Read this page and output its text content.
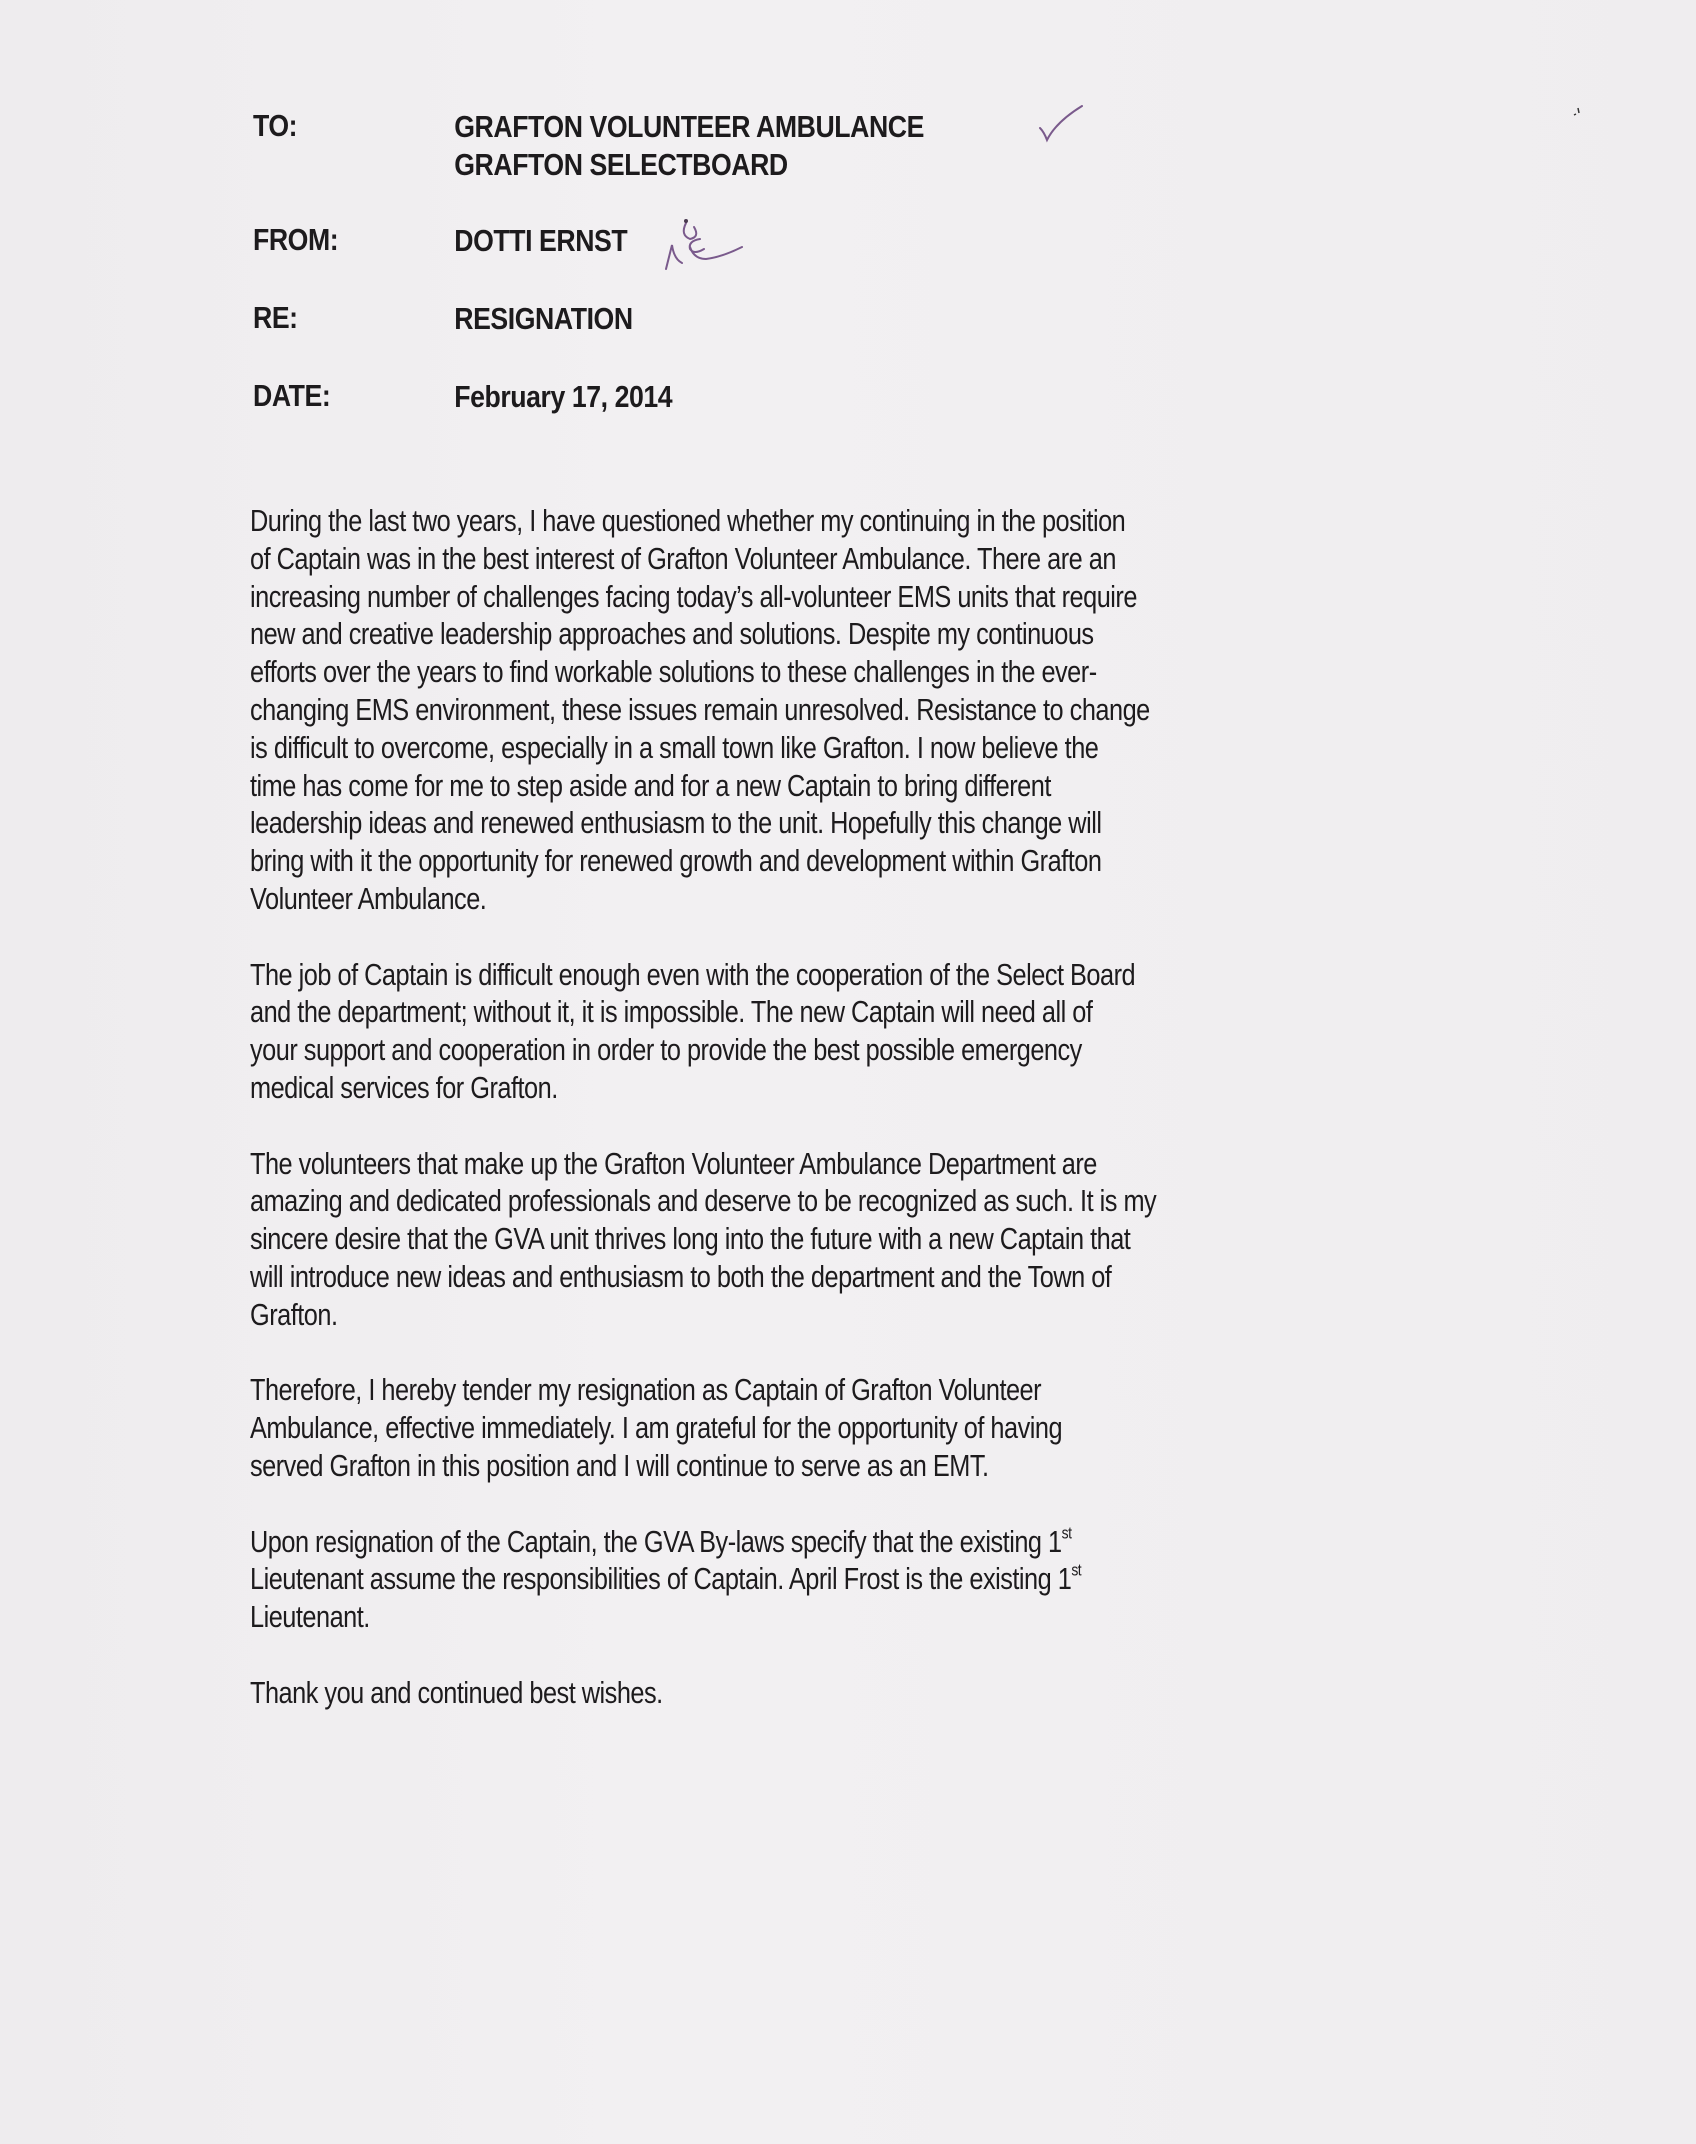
TO:	GRAFTON VOLUNTEER AMBULANCE
GRAFTON SELECTBOARD
FROM:	DOTTI ERNST
RE:	RESIGNATION
DATE:	February 17, 2014

During the last two years, I have questioned whether my continuing in the position
of Captain was in the best interest of Grafton Volunteer Ambulance. There are an
increasing number of challenges facing today’s all-volunteer EMS units that require
new and creative leadership approaches and solutions. Despite my continuous
efforts over the years to find workable solutions to these challenges in the ever-
changing EMS environment, these issues remain unresolved. Resistance to change
is difficult to overcome, especially in a small town like Grafton. I now believe the
time has come for me to step aside and for a new Captain to bring different
leadership ideas and renewed enthusiasm to the unit. Hopefully this change will
bring with it the opportunity for renewed growth and development within Grafton
Volunteer Ambulance.

The job of Captain is difficult enough even with the cooperation of the Select Board
and the department; without it, it is impossible. The new Captain will need all of
your support and cooperation in order to provide the best possible emergency
medical services for Grafton.

The volunteers that make up the Grafton Volunteer Ambulance Department are
amazing and dedicated professionals and deserve to be recognized as such. It is my
sincere desire that the GVA unit thrives long into the future with a new Captain that
will introduce new ideas and enthusiasm to both the department and the Town of
Grafton.

Therefore, I hereby tender my resignation as Captain of Grafton Volunteer
Ambulance, effective immediately. I am grateful for the opportunity of having
served Grafton in this position and I will continue to serve as an EMT.

Upon resignation of the Captain, the GVA By-laws specify that the existing 1st
Lieutenant assume the responsibilities of Captain. April Frost is the existing 1st
Lieutenant.

Thank you and continued best wishes.
